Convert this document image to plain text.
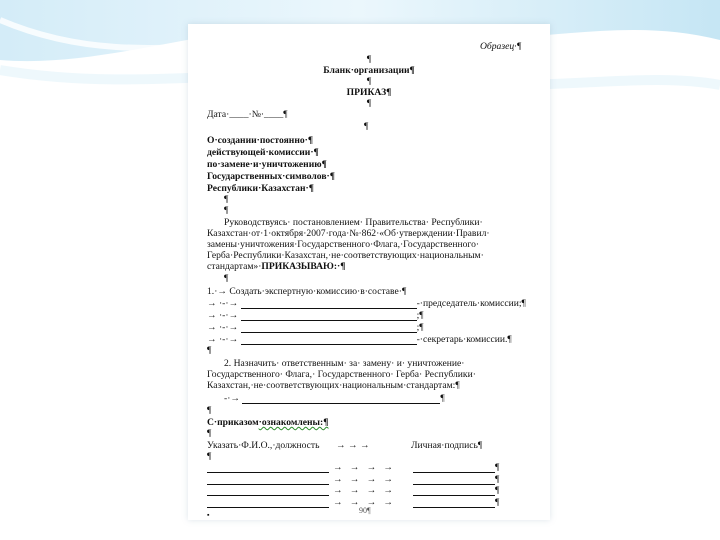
Образец·¶
¶
Бланк·организации¶
¶
ПРИКАЗ¶
¶
Дата·____·№·____¶
¶
О·создании·постоянно·¶
действующей·комиссии·¶
по·замене·и·уничтожению¶
Государственных·символов·¶
Республики·Казахстан·¶
¶
¶
Руководствуясь· постановлением· Правительства· Республики·
Казахстан·от·1·октября·2007·года·№·862·«Об·утверждении·Правил·
замены·уничтожения·Государственного·Флага,·Государственного·
Герба·Республики·Казахстан,·не·соответствующих·национальным·
стандартам»·ПРИКАЗЫВАЮ:·¶
¶
1.·→ Создать·экспертную·комиссию·в·составе·¶
→ ·-·→	-·председатель·комиссии;¶
→ ·-·→	;¶
→ ·-·→	;¶
→ ·-·→	-·секретарь·комиссии.¶
¶
2. Назначить· ответственным· за· замену· и· уничтожение·
Государственного· Флага,· Государственного· Герба· Республики·
Казахстан,·не·соответствующих·национальным·стандартам:¶
-·→	¶
¶
С·приказом·ознакомлены:¶
¶
Указать·Ф.И.О.,·должность → → →	Личная·подпись¶
¶
→   →   →   →	¶
→   →   →   →	¶
→   →   →   →	¶
→   →   →   →	¶
▪	90¶
